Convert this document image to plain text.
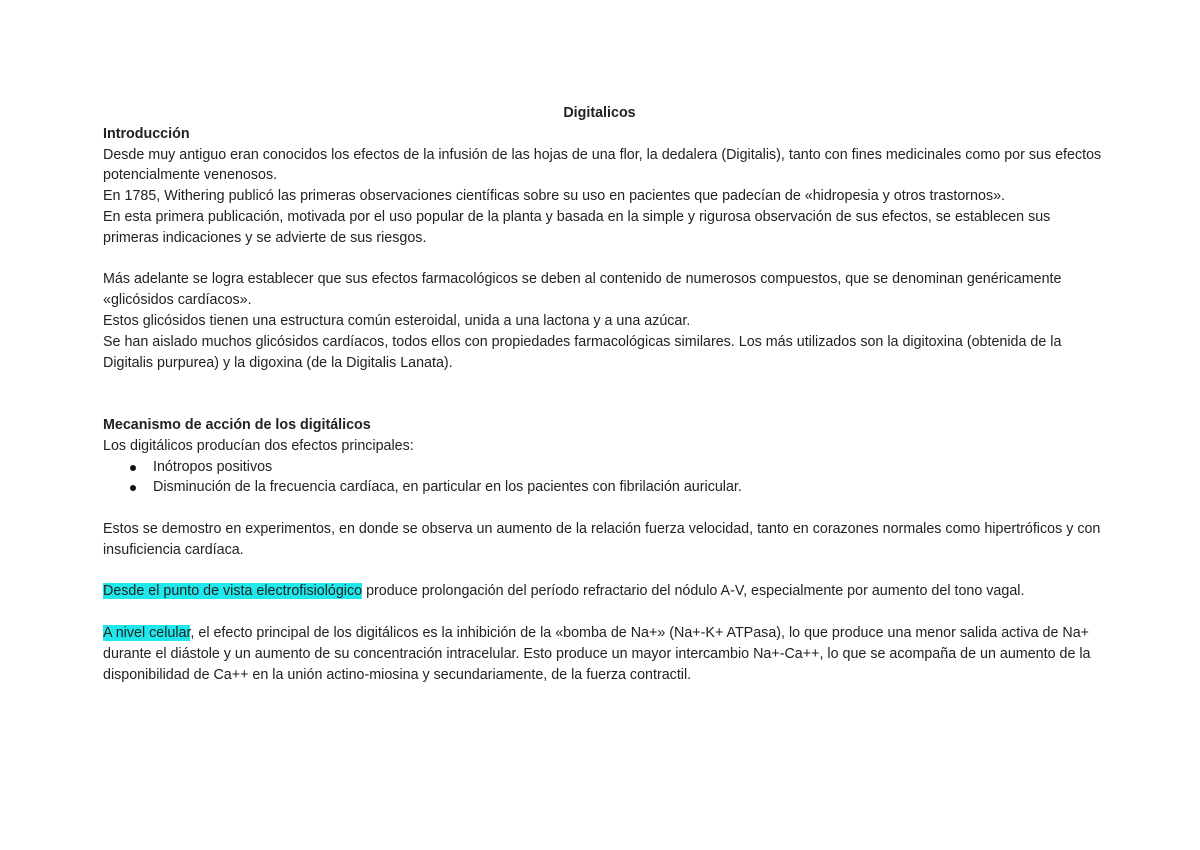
Digitalicos

Introducción

Desde muy antiguo eran conocidos los efectos de la infusión de las hojas de una flor, la dedalera (Digitalis), tanto con fines medicinales como por sus efectos potencialmente venenosos.

En 1785, Withering publicó las primeras observaciones científicas sobre su uso en pacientes que padecían de «hidropesia y otros trastornos».

En esta primera publicación, motivada por el uso popular de la planta y basada en la simple y rigurosa observación de sus efectos, se establecen sus primeras indicaciones y se advierte de sus riesgos.

Más adelante se logra establecer que sus efectos farmacológicos se deben al contenido de numerosos compuestos, que se denominan genéricamente «glicósidos cardíacos».

Estos glicósidos tienen una estructura común esteroidal, unida a una lactona y a una azúcar.

Se han aislado muchos glicósidos cardíacos, todos ellos con propiedades farmacológicas similares. Los más utilizados son la digitoxina (obtenida de la Digitalis purpurea) y la digoxina (de la Digitalis Lanata).

Mecanismo de acción de los digitálicos

Los digitálicos producían dos efectos principales:

Inótropos positivos
Disminución de la frecuencia cardíaca, en particular en los pacientes con fibrilación auricular.

Estos se demostro en experimentos, en donde se observa un aumento de la relación fuerza velocidad, tanto en corazones normales como hipertróficos y con insuficiencia cardíaca.

Desde el punto de vista electrofisiológico produce prolongación del período refractario del nódulo A-V, especialmente por aumento del tono vagal.

A nivel celular, el efecto principal de los digitálicos es la inhibición de la «bomba de Na+» (Na+-K+ ATPasa), lo que produce una menor salida activa de Na+ durante el diástole y un aumento de su concentración intracelular. Esto produce un mayor intercambio Na+-Ca++, lo que se acompaña de un aumento de la disponibilidad de Ca++ en la unión actino-miosina y secundariamente, de la fuerza contractil.
